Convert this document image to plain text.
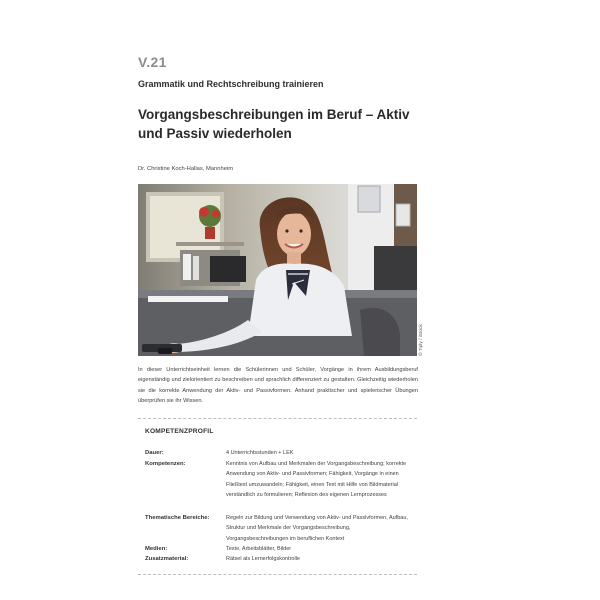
V.21
Grammatik und Rechtschreibung trainieren
Vorgangsbeschreibungen im Beruf – Aktiv und Passiv wiederholen
Dr. Christine Koch-Hallas, Mannheim
© Tiply / iStock
In dieser Unterrichtseinheit lernen die Schülerinnen und Schüler, Vorgänge in ihrem Ausbildungsberuf eigenständig und zielorientiert zu beschreiben und sprachlich differenziert zu gestalten. Gleichzeitig wiederholen sie die korrekte Anwendung der Aktiv- und Passivformen. Anhand praktischer und spielerischer Übungen überprüfen sie ihr Wissen.
KOMPETENZPROFIL
Dauer:	4 Unterrichtsstunden + LEK
Kompetenzen:	Kenntnis von Aufbau und Merkmalen der Vorgangsbeschreibung; korrekte Anwendung von Aktiv- und Passivformen; Fähigkeit, Vorgänge in einen Fließtext umzuwandeln; Fähigkeit, einen Text mit Hilfe von Bildmaterial verständlich zu formulieren; Reflexion des eigenen Lernprozesses
Thematische Bereiche:	Regeln zur Bildung und Verwendung von Aktiv- und Passivformen, Aufbau, Struktur und Merkmale der Vorgangsbeschreibung, Vorgangsbeschreibungen im beruflichen Kontext
Medien:	Texte, Arbeitsblätter, Bilder
Zusatzmaterial:	Rätsel als Lernerfolgskontrolle
